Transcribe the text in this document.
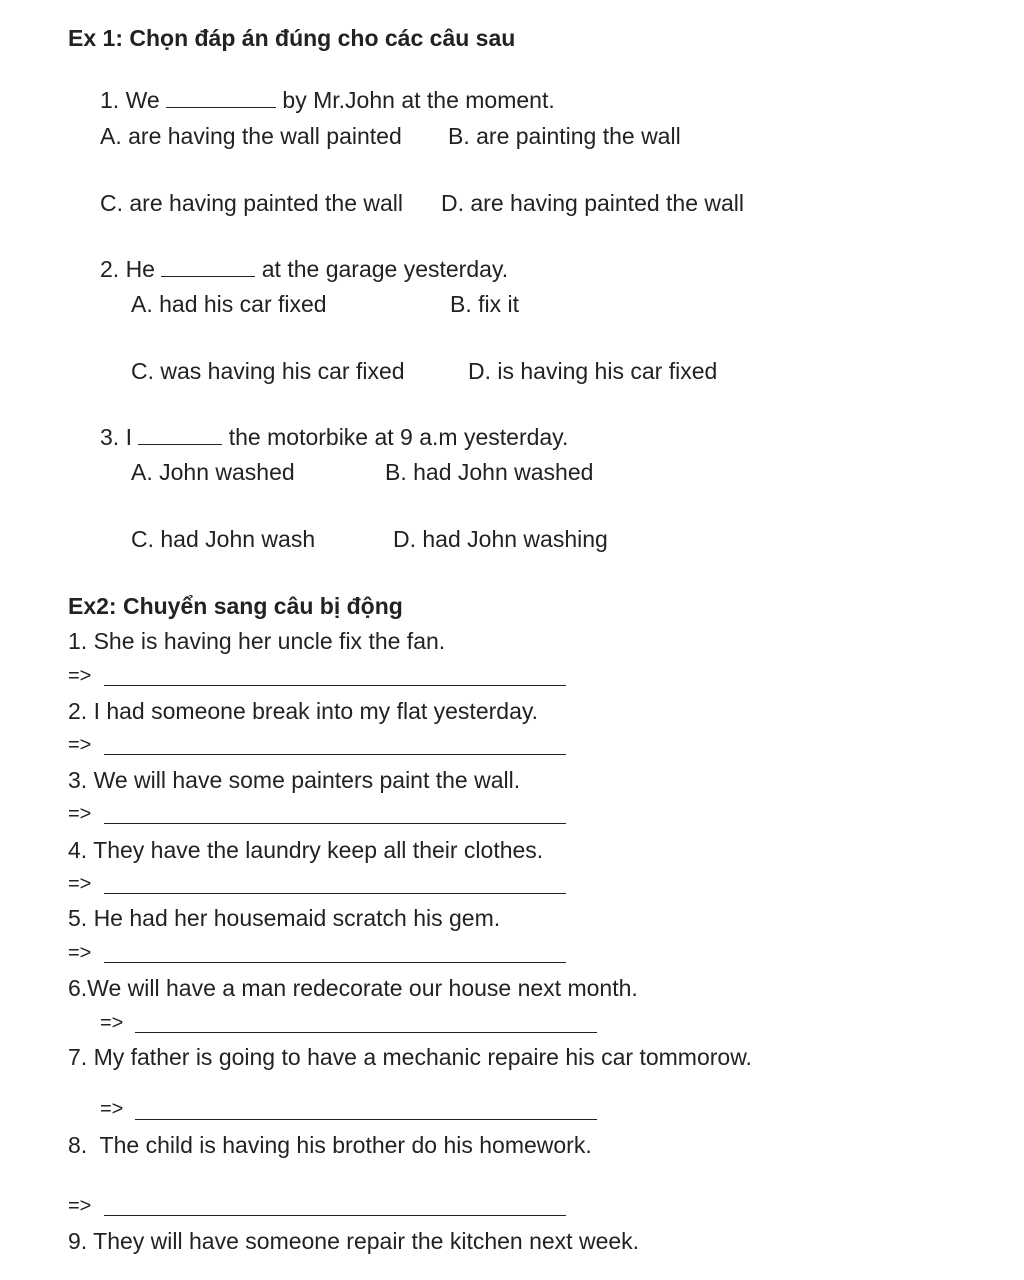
Ex 1: Chọn đáp án đúng cho các câu sau
1. We	by Mr.John at the moment.
A. are having the wall painted B. are painting the wall
C. are having painted the wall D. are having painted the wall
2. He	at the garage yesterday.
A. had his car fixed	B. fix it
C. was having his car fixed	D. is having his car fixed
3. I	the motorbike at 9 a.m yesterday.
A. John washed	B. had John washed
C. had John wash	D. had John washing
Ex2: Chuyển sang câu bị động
1. She is having her uncle fix the fan.
=>
2. I had someone break into my flat yesterday.
=>
3. We will have some painters paint the wall.
=>
4. They have the laundry keep all their clothes.
=>
5. He had her housemaid scratch his gem.
=>
6.We will have a man redecorate our house next month.
=>
7. My father is going to have a mechanic repaire his car tommorow.
=>
8.  The child is having his brother do his homework.
=>
9. They will have someone repair the kitchen next week.
